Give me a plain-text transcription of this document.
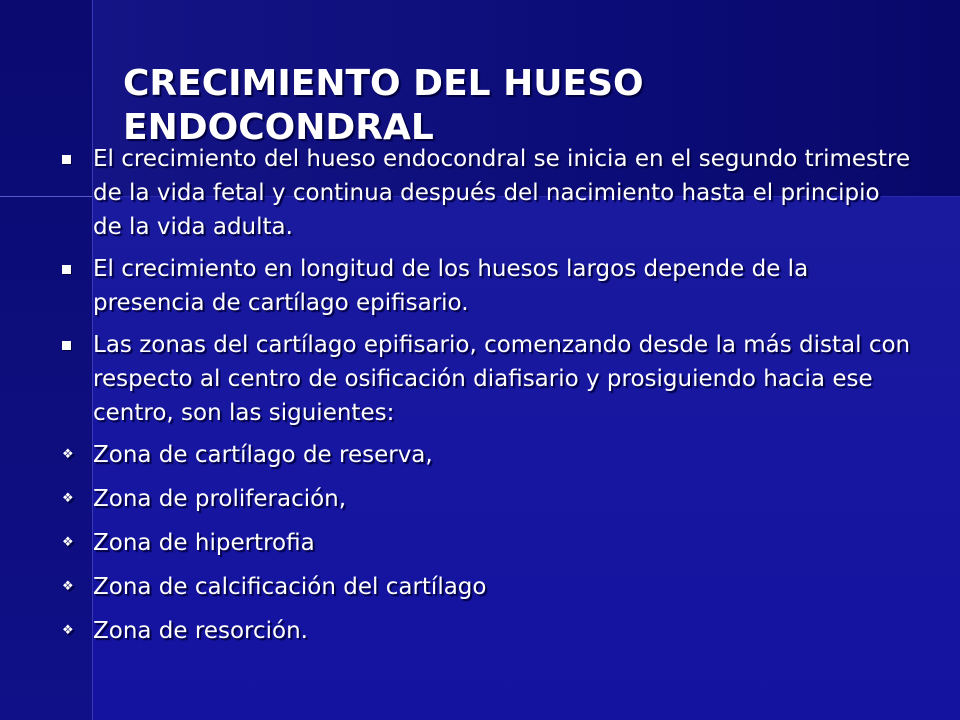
CRECIMIENTO DEL HUESO ENDOCONDRAL
El crecimiento del hueso endocondral se inicia en el segundo trimestre de la vida fetal y continua después del nacimiento hasta el principio de la vida adulta.
El crecimiento en longitud de los huesos largos depende de la presencia de cartílago epifisario.
Las zonas del cartílago epifisario, comenzando desde la más distal con respecto al centro de osificación diafisario y prosiguiendo hacia ese centro, son las siguientes:
❖ Zona de cartílago de reserva,
❖ Zona de proliferación,
❖ Zona de hipertrofia
❖ Zona de calcificación del cartílago
❖ Zona de resorción.
